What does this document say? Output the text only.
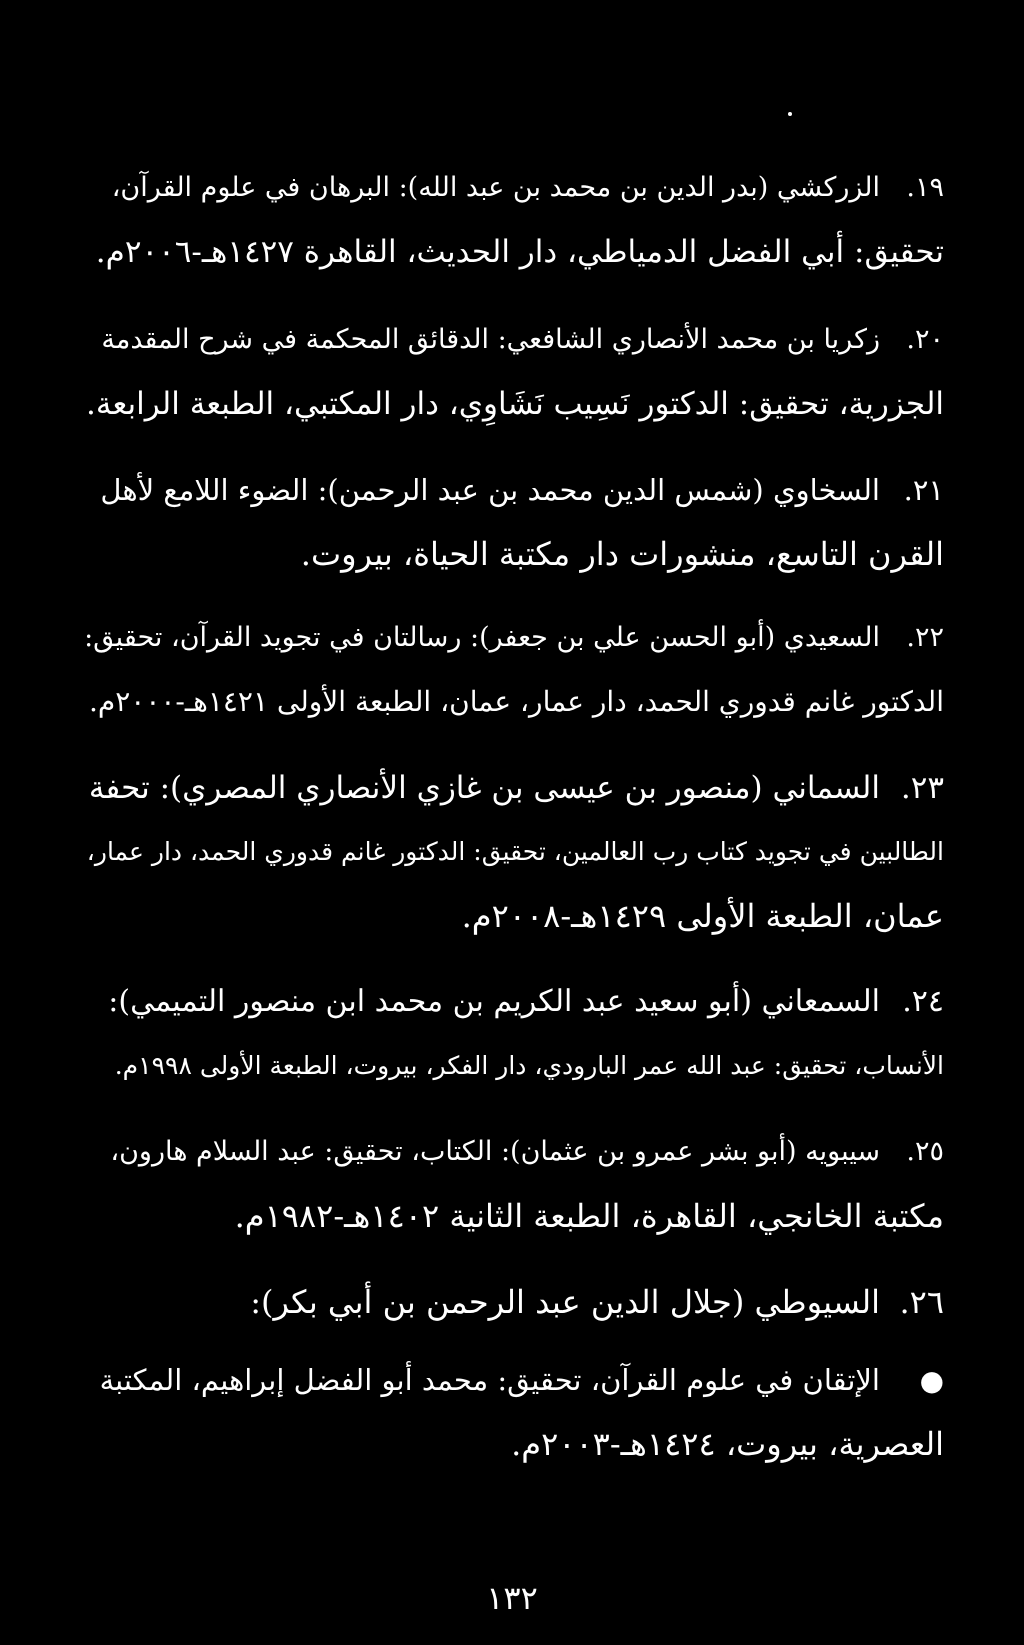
١٩.الزركشي (بدر الدين بن محمد بن عبد الله): البرهان في علوم القرآن،
تحقيق: أبي الفضل الدمياطي، دار الحديث، القاهرة ١٤٢٧هـ-٢٠٠٦م.
٢٠.زكريا بن محمد الأنصاري الشافعي: الدقائق المحكمة في شرح المقدمة
الجزرية، تحقيق: الدكتور نَسِيب نَشَاوِي، دار المكتبي، الطبعة الرابعة.
٢١.السخاوي (شمس الدين محمد بن عبد الرحمن): الضوء اللامع لأهل
القرن التاسع، منشورات دار مكتبة الحياة، بيروت.
٢٢.السعيدي (أبو الحسن علي بن جعفر): رسالتان في تجويد القرآن، تحقيق:
الدكتور غانم قدوري الحمد، دار عمار، عمان، الطبعة الأولى ١٤٢١هـ-٢٠٠٠م.
٢٣.السماني (منصور بن عيسى بن غازي الأنصاري المصري): تحفة
الطالبين في تجويد كتاب رب العالمين، تحقيق: الدكتور غانم قدوري الحمد، دار عمار،
عمان، الطبعة الأولى ١٤٢٩هـ-٢٠٠٨م.
٢٤.السمعاني (أبو سعيد عبد الكريم بن محمد ابن منصور التميمي):
الأنساب، تحقيق: عبد الله عمر البارودي، دار الفكر، بيروت، الطبعة الأولى ١٩٩٨م.
٢٥.سيبويه (أبو بشر عمرو بن عثمان): الكتاب، تحقيق: عبد السلام هارون،
مكتبة الخانجي، القاهرة، الطبعة الثانية ١٤٠٢هـ-١٩٨٢م.
٢٦.السيوطي (جلال الدين عبد الرحمن بن أبي بكر):
●الإتقان في علوم القرآن، تحقيق: محمد أبو الفضل إبراهيم، المكتبة
العصرية، بيروت، ١٤٢٤هـ-٢٠٠٣م.
١٣٢
